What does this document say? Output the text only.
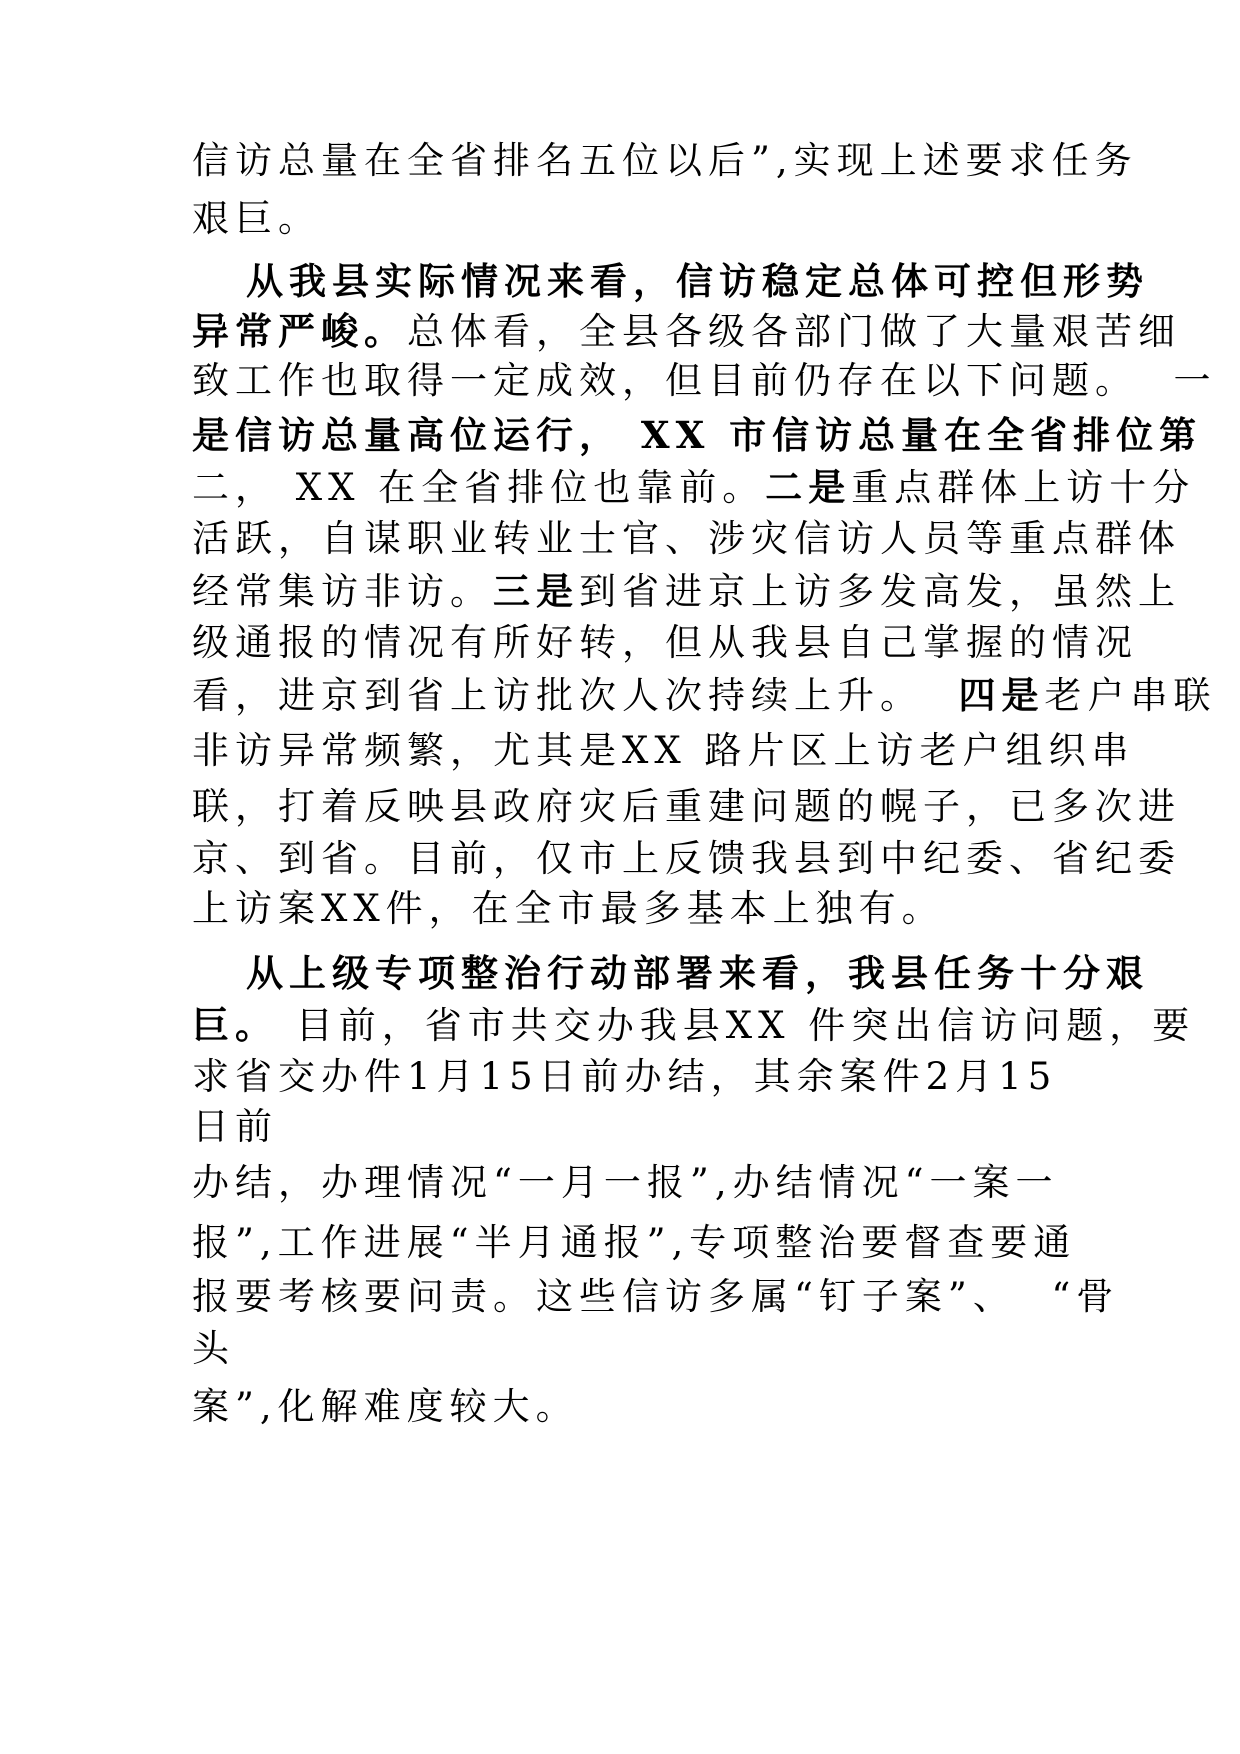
信访总量在全省排名五位以后”,实现上述要求任务

艰巨。

从我县实际情况来看，信访稳定总体可控但形势

异常严峻。总体看，全县各级各部门做了大量艰苦细

致工作也取得一定成效，但目前仍存在以下问题。  一

是信访总量高位运行， XX 市信访总量在全省排位第

二， XX 在全省排位也靠前。二是重点群体上访十分

活跃，自谋职业转业士官、涉灾信访人员等重点群体

经常集访非访。三是到省进京上访多发高发，虽然上

级通报的情况有所好转，但从我县自己掌握的情况

看，进京到省上访批次人次持续上升。  四是老户串联

非访异常频繁，尤其是XX 路片区上访老户组织串

联，打着反映县政府灾后重建问题的幌子，已多次进

京、到省。目前，仅市上反馈我县到中纪委、省纪委

上访案XX件，在全市最多基本上独有。

从上级专项整治行动部署来看，我县任务十分艰

巨。 目前，省市共交办我县XX 件突出信访问题，要

求省交办件1月15日前办结，其余案件2月15

日前

办结，办理情况“一月一报”,办结情况“一案一

报”,工作进展“半月通报”,专项整治要督查要通

报要考核要问责。这些信访多属“钉子案”、  “骨

头

案”,化解难度较大。
